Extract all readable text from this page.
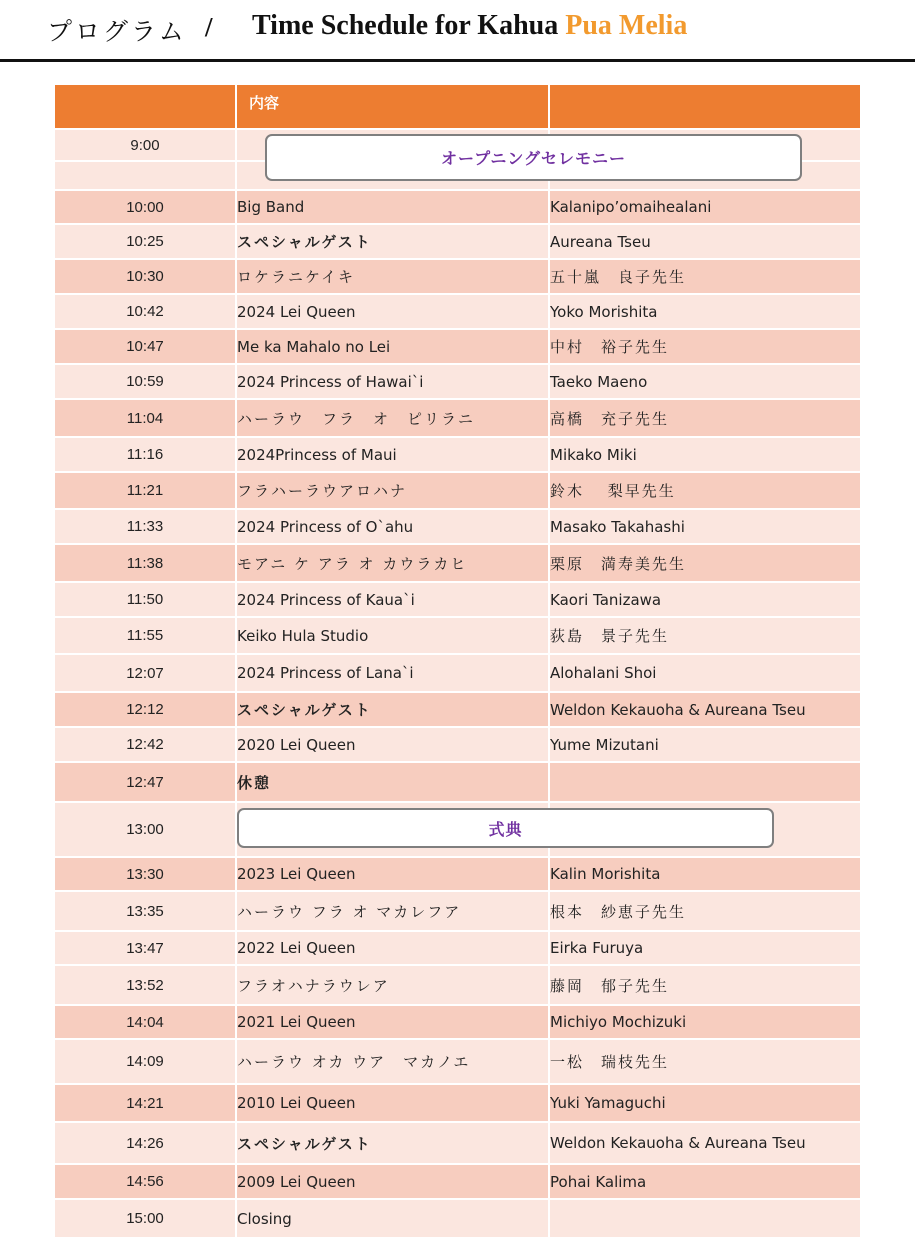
プログラム / Time Schedule for Kahua Pua Melia
	内容	
9:00	オープニングセレモニー	

10:00	Big Band	Kalanipo’omaihealani
10:25	スペシャルゲスト	Aureana Tseu
10:30	ロケラニケイキ	五十嵐　良子先生
10:42	2024 Lei Queen	Yoko Morishita
10:47	Me ka Mahalo no Lei	中村　裕子先生
10:59	2024 Princess of Hawai`i	Taeko Maeno
11:04	ハーラウ　フラ　オ　ピリラニ	高橋　充子先生
11:16	2024Princess of Maui	Mikako Miki
11:21	フラハーラウアロハナ	鈴木　 梨早先生
11:33	2024 Princess of O`ahu	Masako Takahashi
11:38	モアニ ケ アラ オ カウラカヒ	栗原　満寿美先生
11:50	2024 Princess of Kaua`i	Kaori Tanizawa
11:55	Keiko Hula Studio	荻島　景子先生
12:07	2024 Princess of Lana`i	Alohalani Shoi
12:12	スペシャルゲスト	Weldon Kekauoha & Aureana Tseu
12:42	2020 Lei Queen	Yume Mizutani
12:47	休憩	
13:00	式典	

13:30	2023 Lei Queen	Kalin Morishita
13:35	ハーラウ フラ オ マカレフア	根本　紗恵子先生
13:47	2022 Lei Queen	Eirka Furuya
13:52	フラオハナラウレア	藤岡　郁子先生
14:04	2021 Lei Queen	Michiyo Mochizuki
14:09	ハーラウ オカ ウア　マカノエ	一松　瑞枝先生
14:21	2010 Lei Queen	Yuki Yamaguchi
14:26	スペシャルゲスト	Weldon Kekauoha & Aureana Tseu
14:56	2009 Lei Queen	Pohai Kalima
15:00	Closing	
